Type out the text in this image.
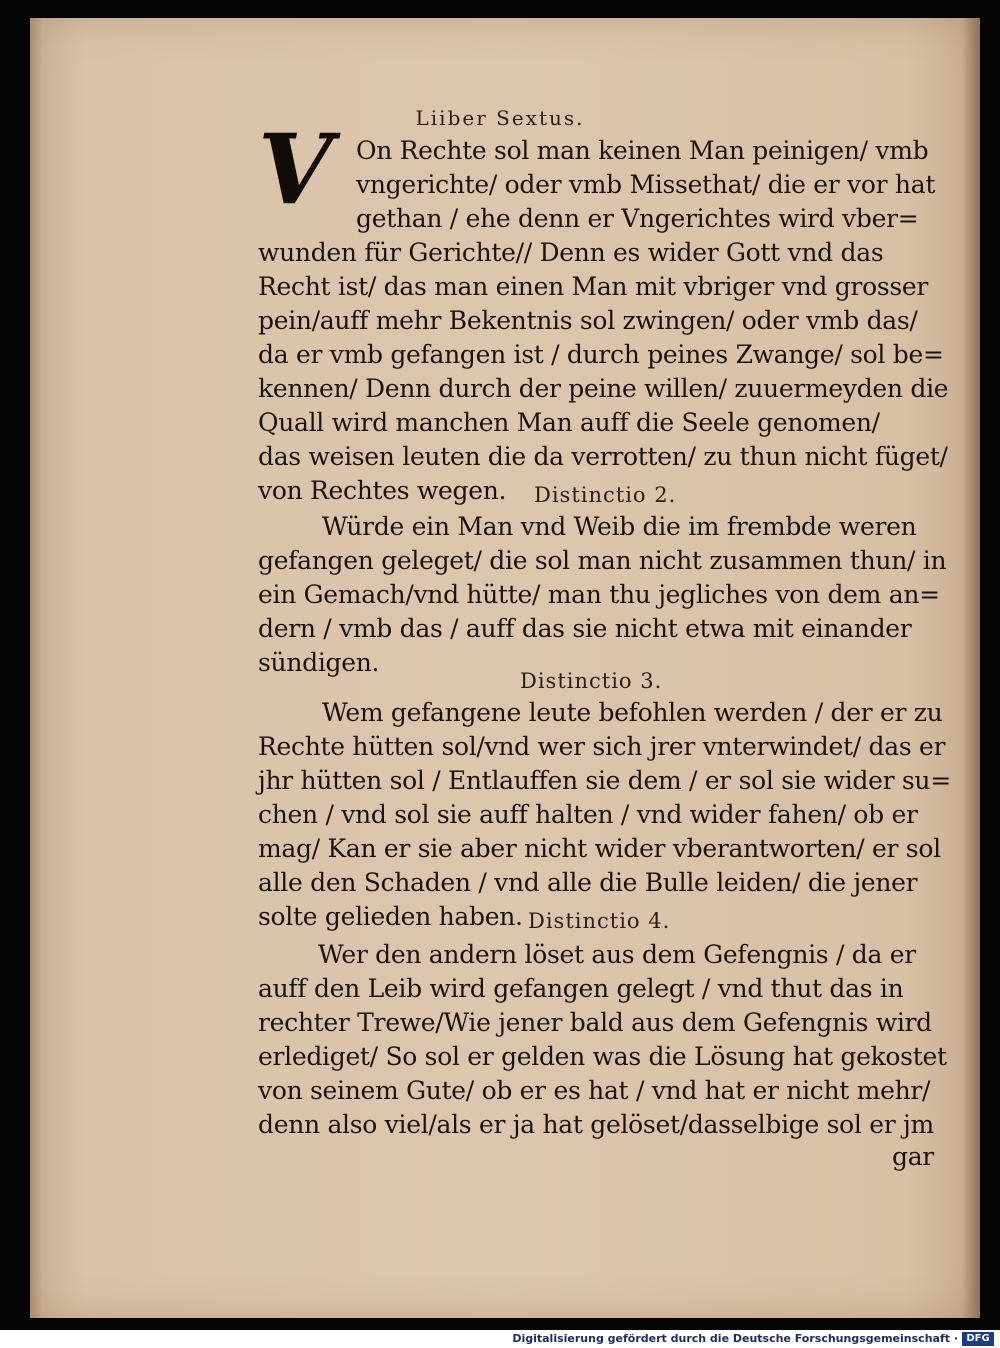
Liiber Sextus.
V On Rechte sol man keinen Man peinigen/ vmb
vngerichte/ oder vmb Missethat/ die er vor hat
gethan / ehe denn er Vngerichtes wird vber=
wunden für Gerichte// Denn es wider Gott vnd das
Recht ist/ das man einen Man mit vbriger vnd grosser
pein/auff mehr Bekentnis sol zwingen/ oder vmb das/
da er vmb gefangen ist / durch peines Zwange/ sol be=
kennen/ Denn durch der peine willen/ zuuermeyden die
Quall wird manchen Man auff die Seele genomen/
das weisen leuten die da verrotten/ zu thun nicht füget/
von Rechtes wegen. Distinctio 2.
Würde ein Man vnd Weib die im frembde weren
gefangen geleget/ die sol man nicht zusammen thun/ in
ein Gemach/vnd hütte/ man thu jegliches von dem an=
dern / vmb das / auff das sie nicht etwa mit einander
sündigen.
Distinctio 3.
Wem gefangene leute befohlen werden / der er zu
Rechte hütten sol/vnd wer sich jrer vnterwindet/ das er
jhr hütten sol / Entlauffen sie dem / er sol sie wider su=
chen / vnd sol sie auff halten / vnd wider fahen/ ob er
mag/ Kan er sie aber nicht wider vberantworten/ er sol
alle den Schaden / vnd alle die Bulle leiden/ die jener
solte gelieden haben. Distinctio 4.
Wer den andern löset aus dem Gefengnis / da er
auff den Leib wird gefangen gelegt / vnd thut das in
rechter Trewe/Wie jener bald aus dem Gefengnis wird
erlediget/ So sol er gelden was die Lösung hat gekostet
von seinem Gute/ ob er es hat / vnd hat er nicht mehr/
denn also viel/als er ja hat gelöset/dasselbige sol er jm
gar
Digitalisierung gefördert durch die Deutsche Forschungsgemeinschaft · DFG
